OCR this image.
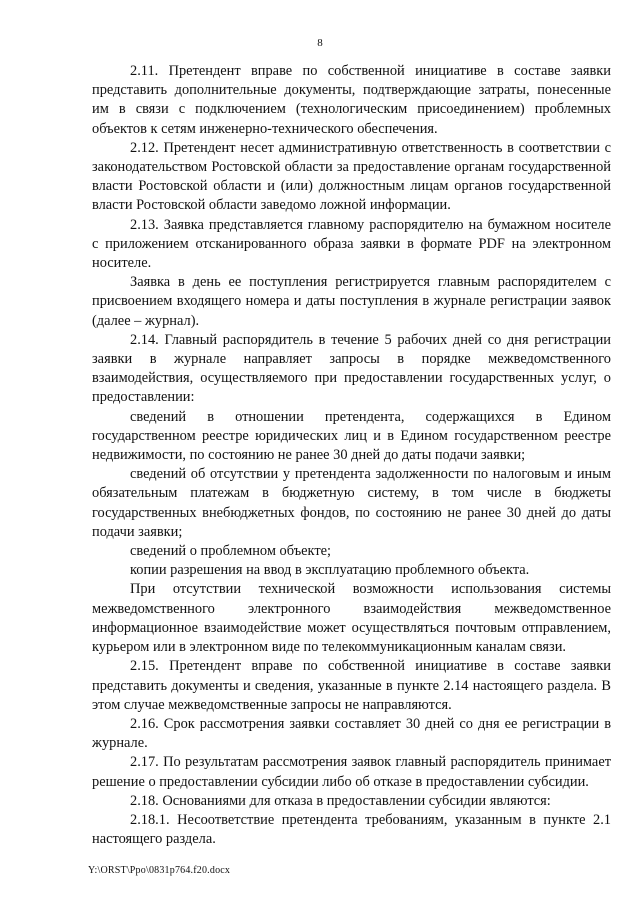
8

2.11. Претендент вправе по собственной инициативе в составе заявки представить дополнительные документы, подтверждающие затраты, понесенные им в связи с подключением (технологическим присоединением) проблемных объектов к сетям инженерно-технического обеспечения.

2.12. Претендент несет административную ответственность в соответствии с законодательством Ростовской области за предоставление органам государственной власти Ростовской области и (или) должностным лицам органов государственной власти Ростовской области заведомо ложной информации.

2.13. Заявка представляется главному распорядителю на бумажном носителе с приложением отсканированного образа заявки в формате PDF на электронном носителе.

Заявка в день ее поступления регистрируется главным распорядителем с присвоением входящего номера и даты поступления в журнале регистрации заявок (далее – журнал).

2.14. Главный распорядитель в течение 5 рабочих дней со дня регистрации заявки в журнале направляет запросы в порядке межведомственного взаимодействия, осуществляемого при предоставлении государственных услуг, о предоставлении:

сведений в отношении претендента, содержащихся в Едином государственном реестре юридических лиц и в Едином государственном реестре недвижимости, по состоянию не ранее 30 дней до даты подачи заявки;

сведений об отсутствии у претендента задолженности по налоговым и иным обязательным платежам в бюджетную систему, в том числе в бюджеты государственных внебюджетных фондов, по состоянию не ранее 30 дней до даты подачи заявки;

сведений о проблемном объекте;

копии разрешения на ввод в эксплуатацию проблемного объекта.

При отсутствии технической возможности использования системы межведомственного электронного взаимодействия межведомственное информационное взаимодействие может осуществляться почтовым отправлением, курьером или в электронном виде по телекоммуникационным каналам связи.

2.15. Претендент вправе по собственной инициативе в составе заявки представить документы и сведения, указанные в пункте 2.14 настоящего раздела. В этом случае межведомственные запросы не направляются.

2.16. Срок рассмотрения заявки составляет 30 дней со дня ее регистрации в журнале.

2.17. По результатам рассмотрения заявок главный распорядитель принимает решение о предоставлении субсидии либо об отказе в предоставлении субсидии.

2.18. Основаниями для отказа в предоставлении субсидии являются:

2.18.1. Несоответствие претендента требованиям, указанным в пункте 2.1 настоящего раздела.

Y:\ORST\Ppo\0831p764.f20.docx
